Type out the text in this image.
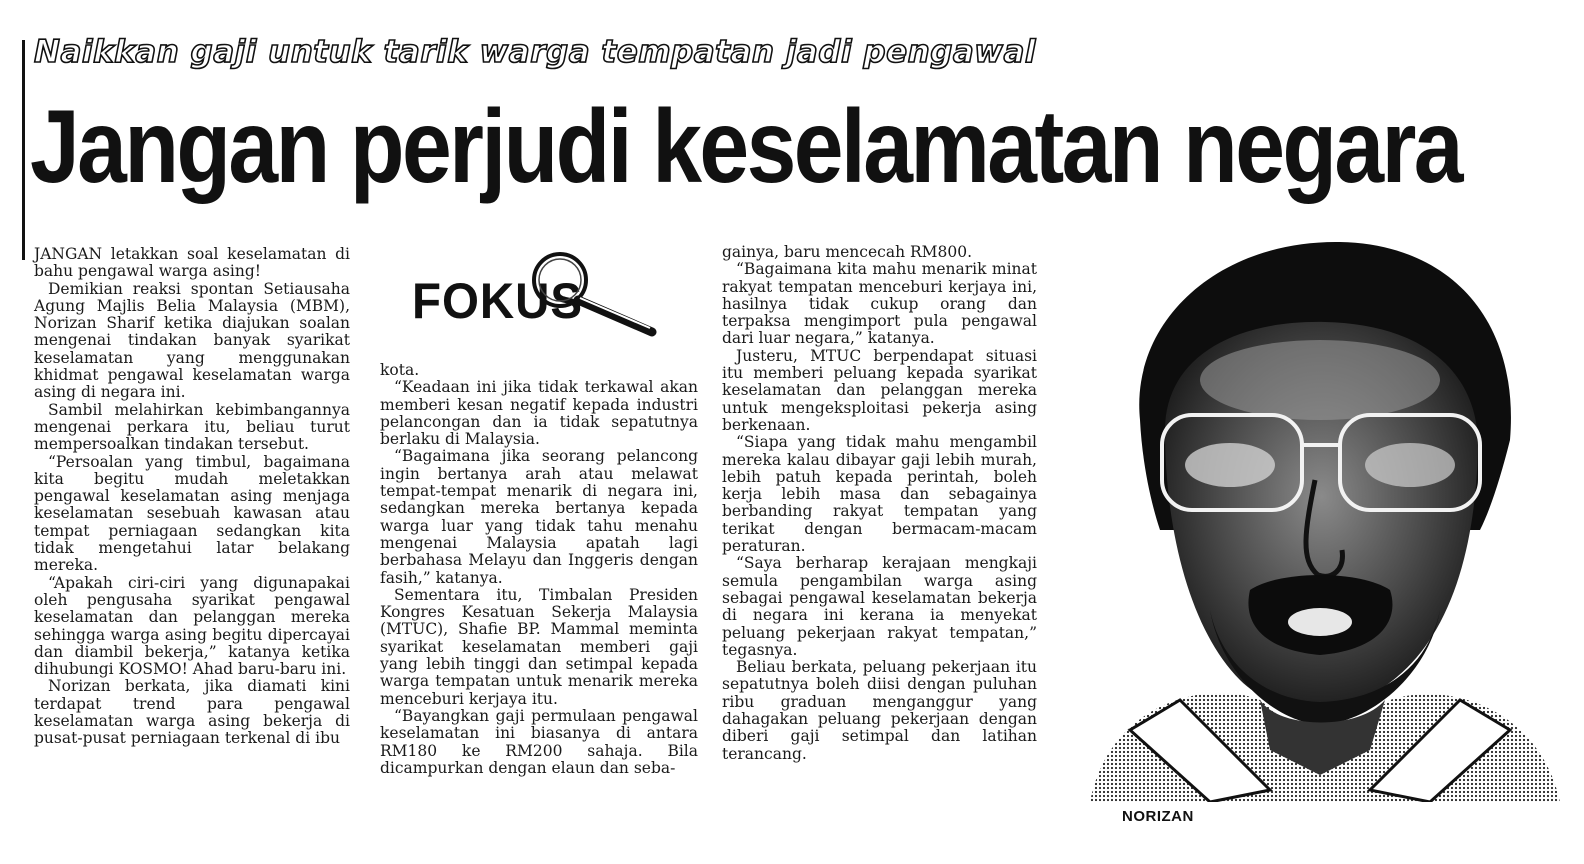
Naikkan gaji untuk tarik warga tempatan jadi pengawal
Jangan perjudi keselamatan negara

JANGAN letakkan soal keselamatan di bahu pengawal warga asing!

Demikian reaksi spontan Setiausaha Agung Majlis Belia Malaysia (MBM), Norizan Sharif ketika diajukan soalan mengenai tindakan banyak syarikat keselamatan yang menggunakan khidmat pengawal keselamatan warga asing di negara ini.

Sambil melahirkan kebimbangannya mengenai perkara itu, beliau turut mempersoalkan tindakan tersebut.

“Persoalan yang timbul, bagaimana kita begitu mudah meletakkan pengawal keselamatan asing menjaga keselamatan sesebuah kawasan atau tempat perniagaan sedangkan kita tidak mengetahui latar belakang mereka.

“Apakah ciri-ciri yang digunapakai oleh pengusaha syarikat pengawal keselamatan dan pelanggan mereka sehingga warga asing begitu dipercayai dan diambil bekerja,” katanya ketika dihubungi KOSMO! Ahad baru-baru ini.

Norizan berkata, jika diamati kini terdapat trend para pengawal keselamatan warga asing bekerja di pusat-pusat perniagaan terkenal di ibu

FOKUS

kota.

“Keadaan ini jika tidak terkawal akan memberi kesan negatif kepada industri pelancongan dan ia tidak sepatutnya berlaku di Malaysia.

“Bagaimana jika seorang pelancong ingin bertanya arah atau melawat tempat-tempat menarik di negara ini, sedangkan mereka bertanya kepada warga luar yang tidak tahu menahu mengenai Malaysia apatah lagi berbahasa Melayu dan Inggeris dengan fasih,” katanya.

Sementara itu, Timbalan Presiden Kongres Kesatuan Sekerja Malaysia (MTUC), Shafie BP. Mammal meminta syarikat keselamatan memberi gaji yang lebih tinggi dan setimpal kepada warga tempatan untuk menarik mereka menceburi kerjaya itu.

“Bayangkan gaji permulaan pengawal keselamatan ini biasanya di antara RM180 ke RM200 sahaja. Bila dicampurkan dengan elaun dan seba-

gainya, baru mencecah RM800.

“Bagaimana kita mahu menarik minat rakyat tempatan menceburi kerjaya ini, hasilnya tidak cukup orang dan terpaksa mengimport pula pengawal dari luar negara,” katanya.

Justeru, MTUC berpendapat situasi itu memberi peluang kepada syarikat keselamatan dan pelanggan mereka untuk mengeksploitasi pekerja asing berkenaan.

“Siapa yang tidak mahu mengambil mereka kalau dibayar gaji lebih murah, lebih patuh kepada perintah, boleh kerja lebih masa dan sebagainya berbanding rakyat tempatan yang terikat dengan bermacam-macam peraturan.

“Saya berharap kerajaan mengkaji semula pengambilan warga asing sebagai pengawal keselamatan bekerja di negara ini kerana ia menyekat peluang pekerjaan rakyat tempatan,” tegasnya.

Beliau berkata, peluang pekerjaan itu sepatutnya boleh diisi dengan puluhan ribu graduan menganggur yang dahagakan peluang pekerjaan dengan diberi gaji setimpal dan latihan terancang.

NORIZAN
